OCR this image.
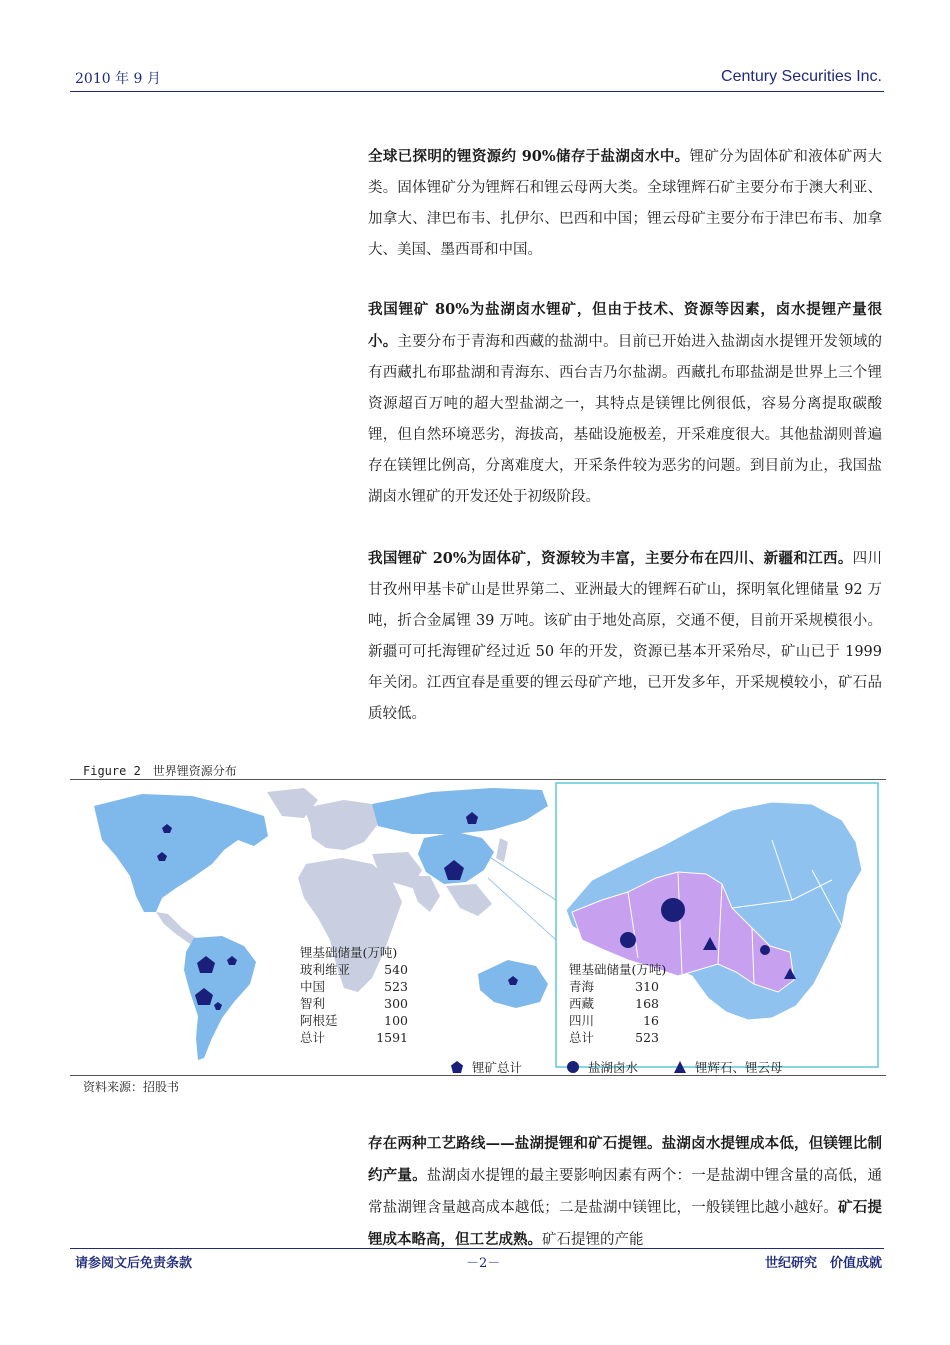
2010 年 9 月	Century Securities Inc.

全球已探明的锂资源约 90%储存于盐湖卤水中。锂矿分为固体矿和液体矿两大类。固体锂矿分为锂辉石和锂云母两大类。全球锂辉石矿主要分布于澳大利亚、加拿大、津巴布韦、扎伊尔、巴西和中国；锂云母矿主要分布于津巴布韦、加拿大、美国、墨西哥和中国。

我国锂矿 80%为盐湖卤水锂矿，但由于技术、资源等因素，卤水提锂产量很小。主要分布于青海和西藏的盐湖中。目前已开始进入盐湖卤水提锂开发领域的有西藏扎布耶盐湖和青海东、西台吉乃尔盐湖。西藏扎布耶盐湖是世界上三个锂资源超百万吨的超大型盐湖之一，其特点是镁锂比例很低，容易分离提取碳酸锂，但自然环境恶劣，海拔高，基础设施极差，开采难度很大。其他盐湖则普遍存在镁锂比例高，分离难度大，开采条件较为恶劣的问题。到目前为止，我国盐湖卤水锂矿的开发还处于初级阶段。

我国锂矿 20%为固体矿，资源较为丰富，主要分布在四川、新疆和江西。四川甘孜州甲基卡矿山是世界第二、亚洲最大的锂辉石矿山，探明氧化锂储量 92 万吨，折合金属锂 39 万吨。该矿由于地处高原，交通不便，目前开采规模很小。新疆可可托海锂矿经过近 50 年的开发，资源已基本开采殆尽，矿山已于 1999 年关闭。江西宜春是重要的锂云母矿产地，已开发多年，开采规模较小，矿石品质较低。

Figure 2　世界锂资源分布
锂基础储量(万吨)
玻利维亚	540
中国	523
智利	300
阿根廷	100
总计	1591
锂基础储量(万吨)
青海	310
西藏	168
四川	16
总计	523
锂矿总计	盐湖卤水	锂辉石、锂云母
资料来源：招股书

存在两种工艺路线——盐湖提锂和矿石提锂。盐湖卤水提锂成本低，但镁锂比制约产量。盐湖卤水提锂的最主要影响因素有两个：一是盐湖中锂含量的高低，通常盐湖锂含量越高成本越低；二是盐湖中镁锂比，一般镁锂比越小越好。矿石提锂成本略高，但工艺成熟。矿石提锂的产能

请参阅文后免责条款	－2－	世纪研究　价值成就
